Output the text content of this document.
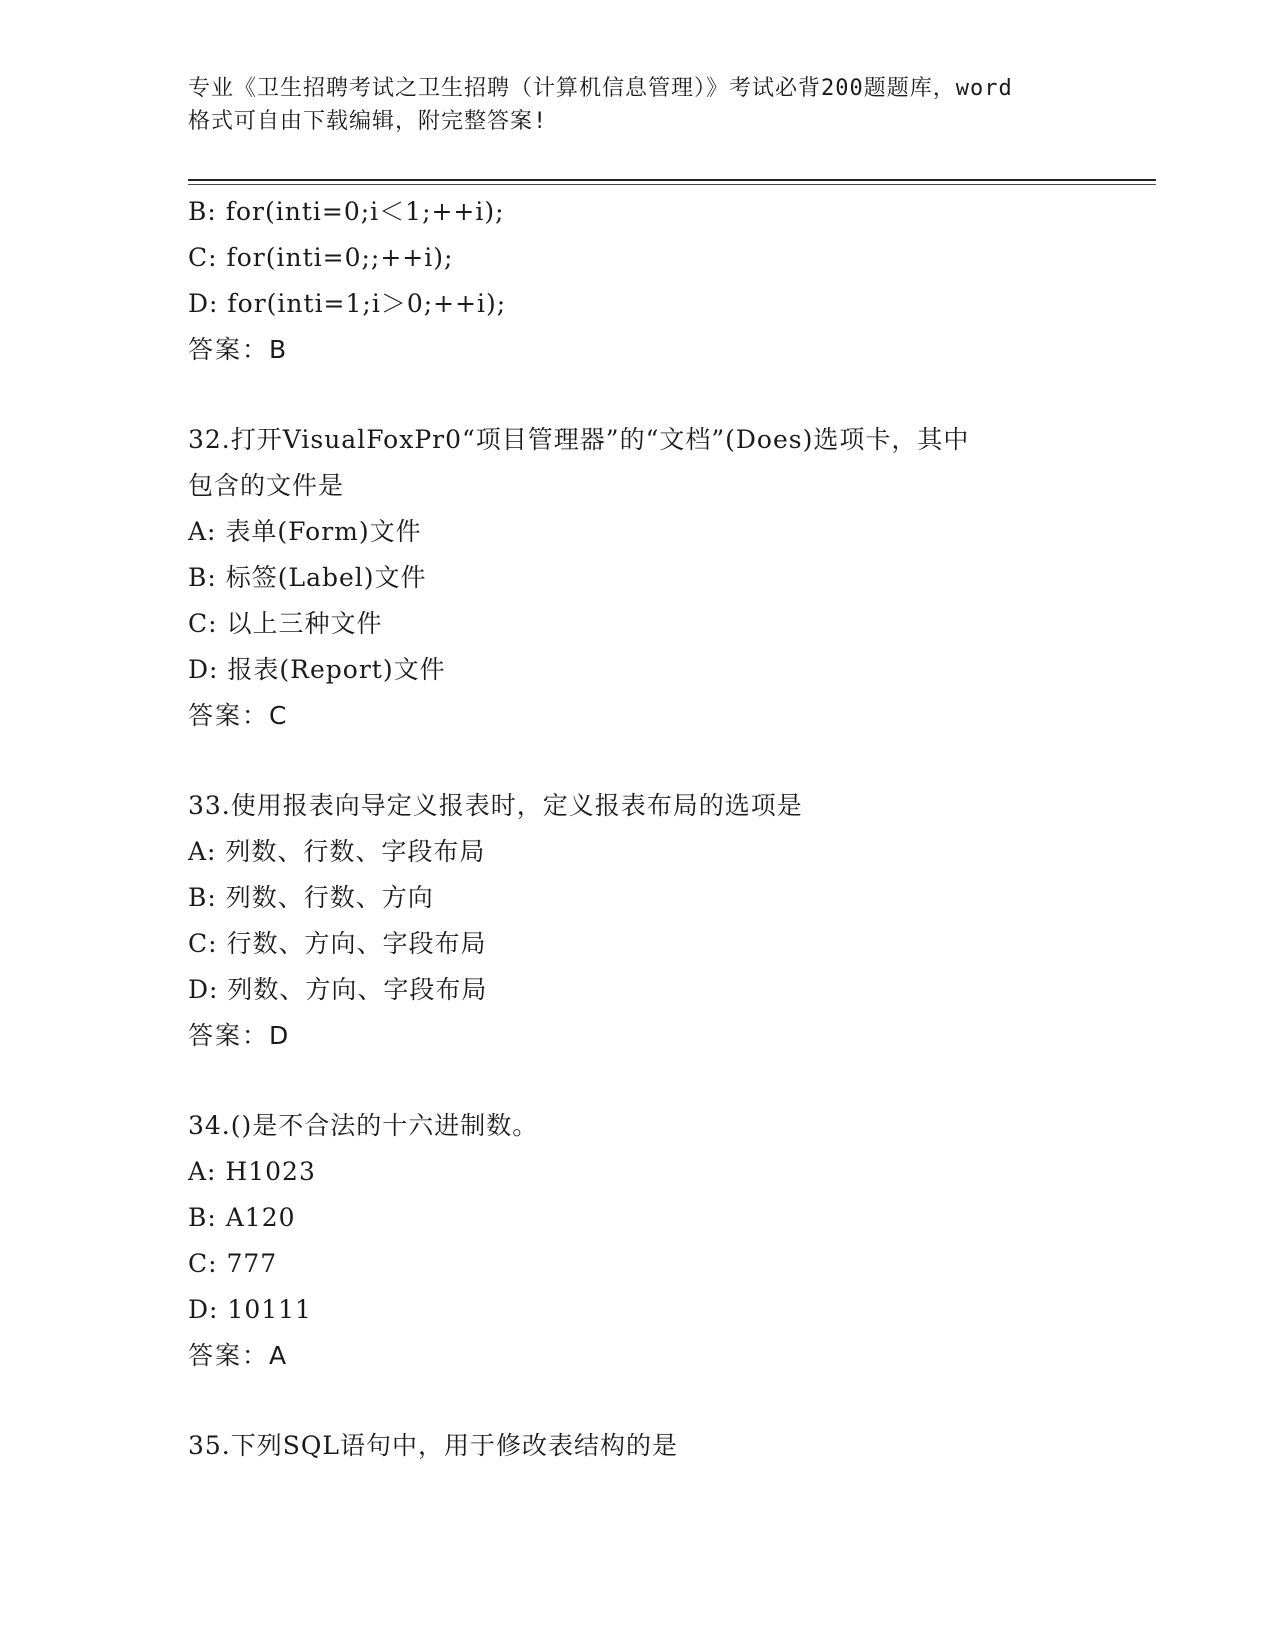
专业《卫生招聘考试之卫生招聘（计算机信息管理）》考试必背200题题库，word
格式可自由下载编辑，附完整答案!
B: for(inti=0;i＜1;++i);
C: for(inti=0;;++i);
D: for(inti=1;i＞0;++i);
答案：B
32.打开VisualFoxPr0“项目管理器”的“文档”(Does)选项卡，其中
包含的文件是
A: 表单(Form)文件
B: 标签(Label)文件
C: 以上三种文件
D: 报表(Report)文件
答案：C
33.使用报表向导定义报表时，定义报表布局的选项是
A: 列数、行数、字段布局
B: 列数、行数、方向
C: 行数、方向、字段布局
D: 列数、方向、字段布局
答案：D
34.()是不合法的十六进制数。
A: H1023
B: A120
C: 777
D: 10111
答案：A
35.下列SQL语句中，用于修改表结构的是
